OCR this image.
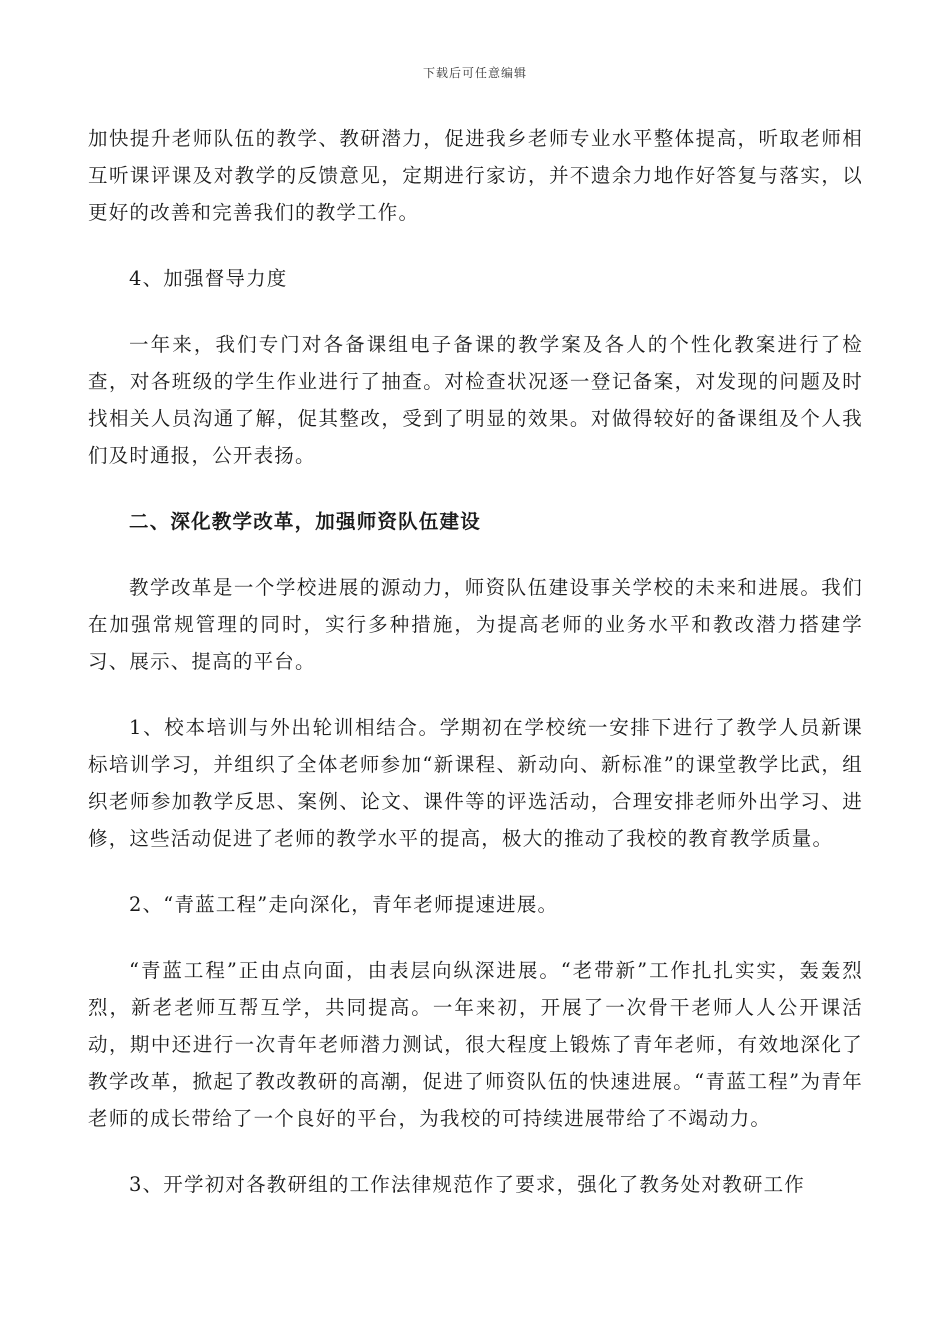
下载后可任意编辑

加快提升老师队伍的教学、教研潜力，促进我乡老师专业水平整体提高，听取老师相互听课评课及对教学的反馈意见，定期进行家访，并不遗余力地作好答复与落实，以更好的改善和完善我们的教学工作。

4、加强督导力度

一年来，我们专门对各备课组电子备课的教学案及各人的个性化教案进行了检查，对各班级的学生作业进行了抽查。对检查状况逐一登记备案，对发现的问题及时找相关人员沟通了解，促其整改，受到了明显的效果。对做得较好的备课组及个人我们及时通报，公开表扬。

二、深化教学改革，加强师资队伍建设

教学改革是一个学校进展的源动力，师资队伍建设事关学校的未来和进展。我们在加强常规管理的同时，实行多种措施，为提高老师的业务水平和教改潜力搭建学习、展示、提高的平台。

1、校本培训与外出轮训相结合。学期初在学校统一安排下进行了教学人员新课标培训学习，并组织了全体老师参加“新课程、新动向、新标准”的课堂教学比武，组织老师参加教学反思、案例、论文、课件等的评选活动，合理安排老师外出学习、进修，这些活动促进了老师的教学水平的提高，极大的推动了我校的教育教学质量。

2、“青蓝工程”走向深化，青年老师提速进展。

“青蓝工程”正由点向面，由表层向纵深进展。“老带新”工作扎扎实实，轰轰烈烈，新老老师互帮互学，共同提高。一年来初，开展了一次骨干老师人人公开课活动，期中还进行一次青年老师潜力测试，很大程度上锻炼了青年老师，有效地深化了教学改革，掀起了教改教研的高潮，促进了师资队伍的快速进展。“青蓝工程”为青年老师的成长带给了一个良好的平台，为我校的可持续进展带给了不竭动力。

3、开学初对各教研组的工作法律规范作了要求，强化了教务处对教研工作
